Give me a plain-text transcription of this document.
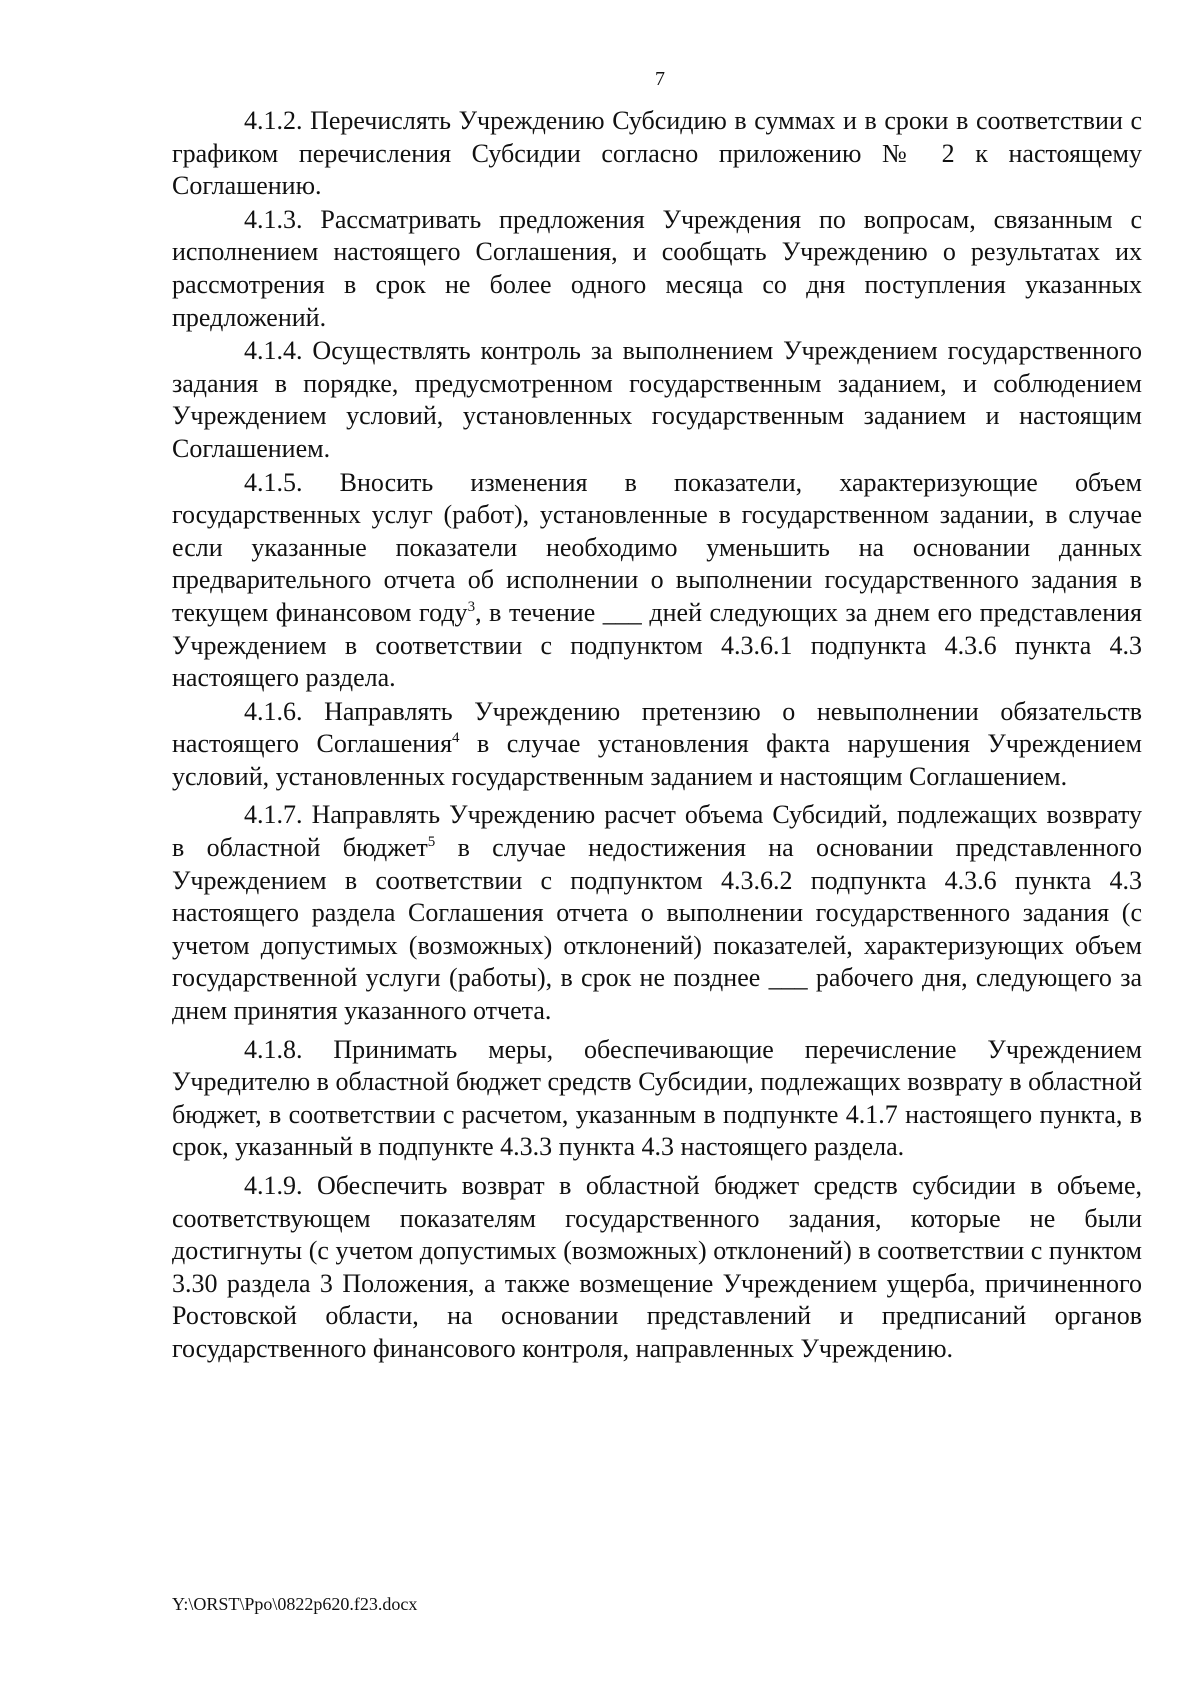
7

4.1.2. Перечислять Учреждению Субсидию в суммах и в сроки в соответствии с графиком перечисления Субсидии согласно приложению № 2 к настоящему Соглашению.

4.1.3. Рассматривать предложения Учреждения по вопросам, связанным с исполнением настоящего Соглашения, и сообщать Учреждению о результатах их рассмотрения в срок не более одного месяца со дня поступления указанных предложений.

4.1.4. Осуществлять контроль за выполнением Учреждением государственного задания в порядке, предусмотренном государственным заданием, и соблюдением Учреждением условий, установленных государственным заданием и настоящим Соглашением.

4.1.5. Вносить изменения в показатели, характеризующие объем государственных услуг (работ), установленные в государственном задании, в случае если указанные показатели необходимо уменьшить на основании данных предварительного отчета об исполнении о выполнении государственного задания в текущем финансовом году$^3$, в течение ___ дней следующих за днем его представления Учреждением в соответствии с подпунктом 4.3.6.1 подпункта 4.3.6 пункта 4.3 настоящего раздела.

4.1.6. Направлять Учреждению претензию о невыполнении обязательств настоящего Соглашения$^4$ в случае установления факта нарушения Учреждением условий, установленных государственным заданием и настоящим Соглашением.

4.1.7. Направлять Учреждению расчет объема Субсидий, подлежащих возврату в областной бюджет$^5$ в случае недостижения на основании представленного Учреждением в соответствии с подпунктом 4.3.6.2 подпункта 4.3.6 пункта 4.3 настоящего раздела Соглашения отчета о выполнении государственного задания (с учетом допустимых (возможных) отклонений) показателей, характеризующих объем государственной услуги (работы), в срок не позднее ___ рабочего дня, следующего за днем принятия указанного отчета.

4.1.8. Принимать меры, обеспечивающие перечисление Учреждением Учредителю в областной бюджет средств Субсидии, подлежащих возврату в областной бюджет, в соответствии с расчетом, указанным в подпункте 4.1.7 настоящего пункта, в срок, указанный в подпункте 4.3.3 пункта 4.3 настоящего раздела.

4.1.9. Обеспечить возврат в областной бюджет средств субсидии в объеме, соответствующем показателям государственного задания, которые не были достигнуты (с учетом допустимых (возможных) отклонений) в соответствии с пунктом 3.30 раздела 3 Положения, а также возмещение Учреждением ущерба, причиненного Ростовской области, на основании представлений и предписаний органов государственного финансового контроля, направленных Учреждению.

Y:\ORST\Ppo\0822p620.f23.docx
